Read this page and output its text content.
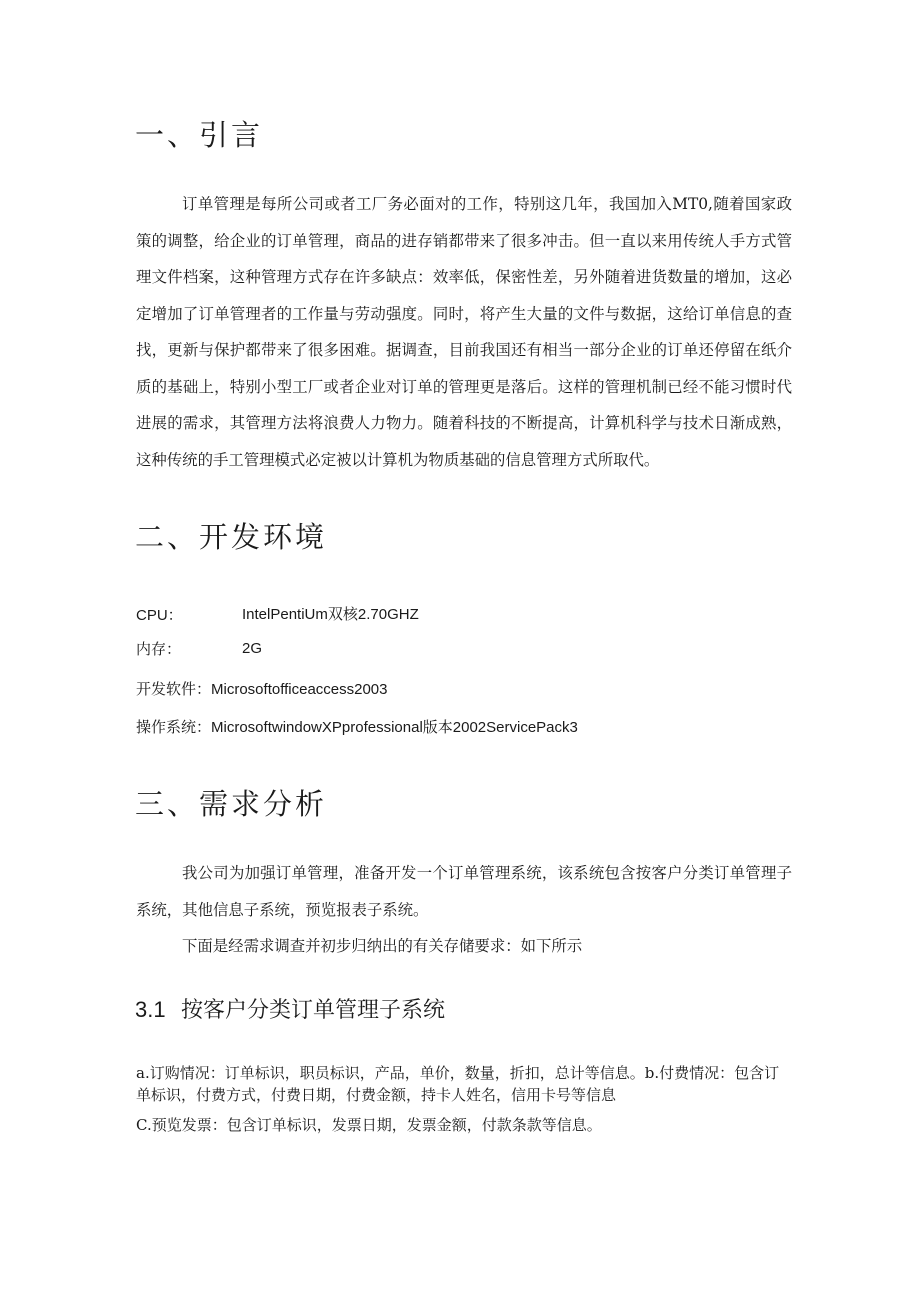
一、引言

订单管理是每所公司或者工厂务必面对的工作，特别这几年，我国加入MT0,随着国家政策的调整，给企业的订单管理，商品的进存销都带来了很多冲击。但一直以来用传统人手方式管理文件档案，这种管理方式存在许多缺点：效率低，保密性差，另外随着进货数量的增加，这必定增加了订单管理者的工作量与劳动强度。同时，将产生大量的文件与数据，这给订单信息的查找，更新与保护都带来了很多困难。据调查，目前我国还有相当一部分企业的订单还停留在纸介质的基础上，特别小型工厂或者企业对订单的管理更是落后。这样的管理机制已经不能习惯时代进展的需求，其管理方法将浪费人力物力。随着科技的不断提高，计算机科学与技术日渐成熟，这种传统的手工管理模式必定被以计算机为物质基础的信息管理方式所取代。

二、开发环境
CPU：	IntelPentiUm双核2.70GHZ
内存：	2G
开发软件：Microsoftofficeaccess2003
操作系统：MicrosoftwindowXPprofessional版本2002ServicePack3
三、需求分析

我公司为加强订单管理，准备开发一个订单管理系统，该系统包含按客户分类订单管理子系统，其他信息子系统，预览报表子系统。

下面是经需求调查并初步归纳出的有关存储要求：如下所示

3.1 按客户分类订单管理子系统

a.订购情况：订单标识，职员标识，产品，单价，数量，折扣，总计等信息。b.付费情况：包含订单标识，付费方式，付费日期，付费金额，持卡人姓名，信用卡号等信息

C.预览发票：包含订单标识，发票日期，发票金额，付款条款等信息。
